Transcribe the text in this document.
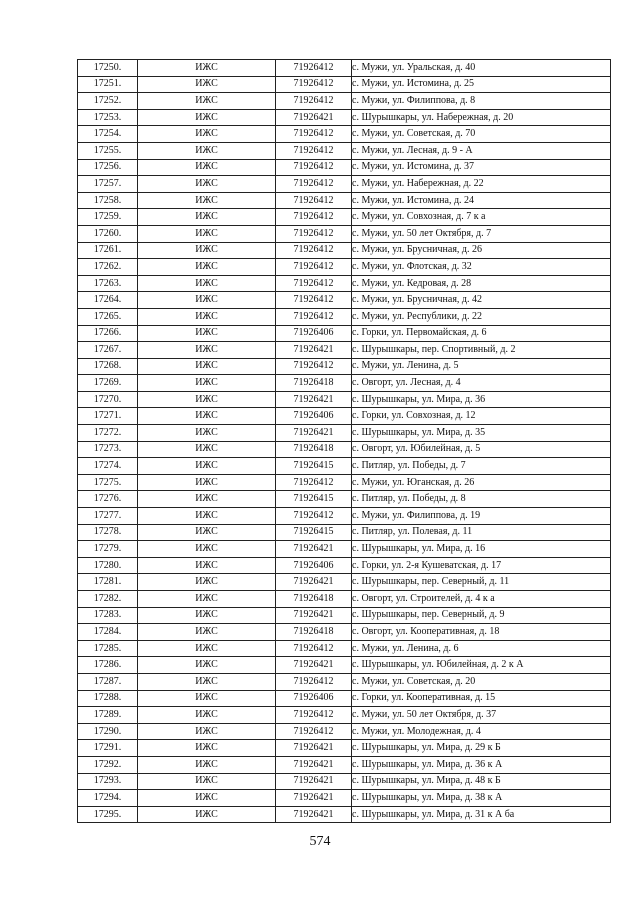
17250.	ИЖС	71926412	с. Мужи, ул. Уральская, д. 40
17251.	ИЖС	71926412	с. Мужи, ул. Истомина, д. 25
17252.	ИЖС	71926412	с. Мужи, ул. Филиппова, д. 8
17253.	ИЖС	71926421	с. Шурышкары, ул. Набережная, д. 20
17254.	ИЖС	71926412	с. Мужи, ул. Советская, д. 70
17255.	ИЖС	71926412	с. Мужи, ул. Лесная, д. 9 - А
17256.	ИЖС	71926412	с. Мужи, ул. Истомина, д. 37
17257.	ИЖС	71926412	с. Мужи, ул. Набережная, д. 22
17258.	ИЖС	71926412	с. Мужи, ул. Истомина, д. 24
17259.	ИЖС	71926412	с. Мужи, ул. Совхозная, д. 7 к а
17260.	ИЖС	71926412	с. Мужи, ул. 50 лет Октября, д. 7
17261.	ИЖС	71926412	с. Мужи, ул. Брусничная, д. 26
17262.	ИЖС	71926412	с. Мужи, ул. Флотская, д. 32
17263.	ИЖС	71926412	с. Мужи, ул. Кедровая, д. 28
17264.	ИЖС	71926412	с. Мужи, ул. Брусничная, д. 42
17265.	ИЖС	71926412	с. Мужи, ул. Республики, д. 22
17266.	ИЖС	71926406	с. Горки, ул. Первомайская, д. 6
17267.	ИЖС	71926421	с. Шурышкары, пер. Спортивный, д. 2
17268.	ИЖС	71926412	с. Мужи, ул. Ленина, д. 5
17269.	ИЖС	71926418	с. Овгорт, ул. Лесная, д. 4
17270.	ИЖС	71926421	с. Шурышкары, ул. Мира, д. 36
17271.	ИЖС	71926406	с. Горки, ул. Совхозная, д. 12
17272.	ИЖС	71926421	с. Шурышкары, ул. Мира, д. 35
17273.	ИЖС	71926418	с. Овгорт, ул. Юбилейная, д. 5
17274.	ИЖС	71926415	с. Питляр, ул. Победы, д. 7
17275.	ИЖС	71926412	с. Мужи, ул. Юганская, д. 26
17276.	ИЖС	71926415	с. Питляр, ул. Победы, д. 8
17277.	ИЖС	71926412	с. Мужи, ул. Филиппова, д. 19
17278.	ИЖС	71926415	с. Питляр, ул. Полевая, д. 11
17279.	ИЖС	71926421	с. Шурышкары, ул. Мира, д. 16
17280.	ИЖС	71926406	с. Горки, ул. 2-я Кушеватская, д. 17
17281.	ИЖС	71926421	с. Шурышкары, пер. Северный, д. 11
17282.	ИЖС	71926418	с. Овгорт, ул. Строителей, д. 4 к а
17283.	ИЖС	71926421	с. Шурышкары, пер. Северный, д. 9
17284.	ИЖС	71926418	с. Овгорт, ул. Кооперативная, д. 18
17285.	ИЖС	71926412	с. Мужи, ул. Ленина, д. 6
17286.	ИЖС	71926421	с. Шурышкары, ул. Юбилейная, д. 2 к А
17287.	ИЖС	71926412	с. Мужи, ул. Советская, д. 20
17288.	ИЖС	71926406	с. Горки, ул. Кооперативная, д. 15
17289.	ИЖС	71926412	с. Мужи, ул. 50 лет Октября, д. 37
17290.	ИЖС	71926412	с. Мужи, ул. Молодежная, д. 4
17291.	ИЖС	71926421	с. Шурышкары, ул. Мира, д. 29 к Б
17292.	ИЖС	71926421	с. Шурышкары, ул. Мира, д. 36 к А
17293.	ИЖС	71926421	с. Шурышкары, ул. Мира, д. 48 к Б
17294.	ИЖС	71926421	с. Шурышкары, ул. Мира, д. 38 к А
17295.	ИЖС	71926421	с. Шурышкары, ул. Мира, д. 31 к А ба
574
